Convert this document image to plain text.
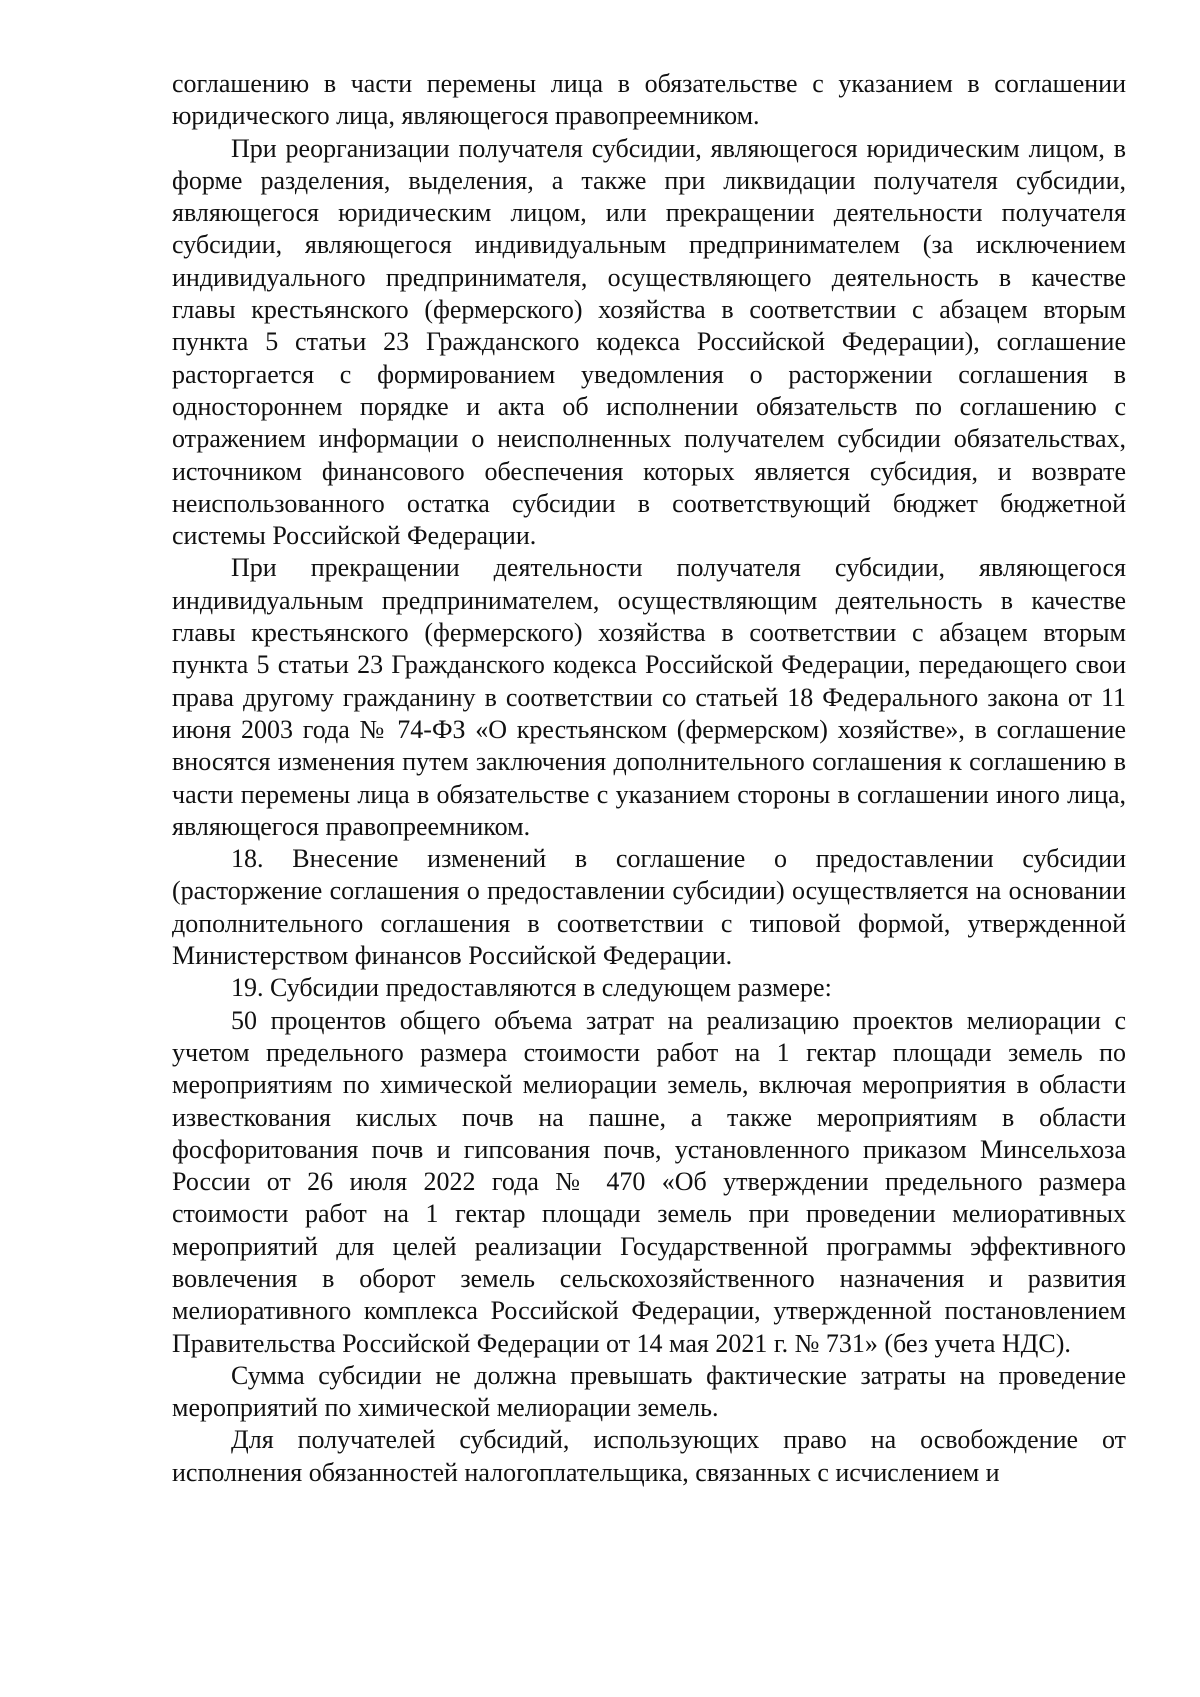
соглашению в части перемены лица в обязательстве с указанием в соглашении юридического лица, являющегося правопреемником.

При реорганизации получателя субсидии, являющегося юридическим лицом, в форме разделения, выделения, а также при ликвидации получателя субсидии, являющегося юридическим лицом, или прекращении деятельности получателя субсидии, являющегося индивидуальным предпринимателем (за исключением индивидуального предпринимателя, осуществляющего деятельность в качестве главы крестьянского (фермерского) хозяйства в соответствии с абзацем вторым пункта 5 статьи 23 Гражданского кодекса Российской Федерации), соглашение расторгается с формированием уведомления о расторжении соглашения в одностороннем порядке и акта об исполнении обязательств по соглашению с отражением информации о неисполненных получателем субсидии обязательствах, источником финансового обеспечения которых является субсидия, и возврате неиспользованного остатка субсидии в соответствующий бюджет бюджетной системы Российской Федерации.

При прекращении деятельности получателя субсидии, являющегося индивидуальным предпринимателем, осуществляющим деятельность в качестве главы крестьянского (фермерского) хозяйства в соответствии с абзацем вторым пункта 5 статьи 23 Гражданского кодекса Российской Федерации, передающего свои права другому гражданину в соответствии со статьей 18 Федерального закона от 11 июня 2003 года № 74-ФЗ «О крестьянском (фермерском) хозяйстве», в соглашение вносятся изменения путем заключения дополнительного соглашения к соглашению в части перемены лица в обязательстве с указанием стороны в соглашении иного лица, являющегося правопреемником.

18. Внесение изменений в соглашение о предоставлении субсидии (расторжение соглашения о предоставлении субсидии) осуществляется на основании дополнительного соглашения в соответствии с типовой формой, утвержденной Министерством финансов Российской Федерации.

19. Субсидии предоставляются в следующем размере:

50 процентов общего объема затрат на реализацию проектов мелиорации с учетом предельного размера стоимости работ на 1 гектар площади земель по мероприятиям по химической мелиорации земель, включая мероприятия в области известкования кислых почв на пашне, а также мероприятиям в области фосфоритования почв и гипсования почв, установленного приказом Минсельхоза России от 26 июля 2022 года № 470 «Об утверждении предельного размера стоимости работ на 1 гектар площади земель при проведении мелиоративных мероприятий для целей реализации Государственной программы эффективного вовлечения в оборот земель сельскохозяйственного назначения и развития мелиоративного комплекса Российской Федерации, утвержденной постановлением Правительства Российской Федерации от 14 мая 2021 г. № 731» (без учета НДС).

Сумма субсидии не должна превышать фактические затраты на проведение мероприятий по химической мелиорации земель.

Для получателей субсидий, использующих право на освобождение от исполнения обязанностей налогоплательщика, связанных с исчислением и
